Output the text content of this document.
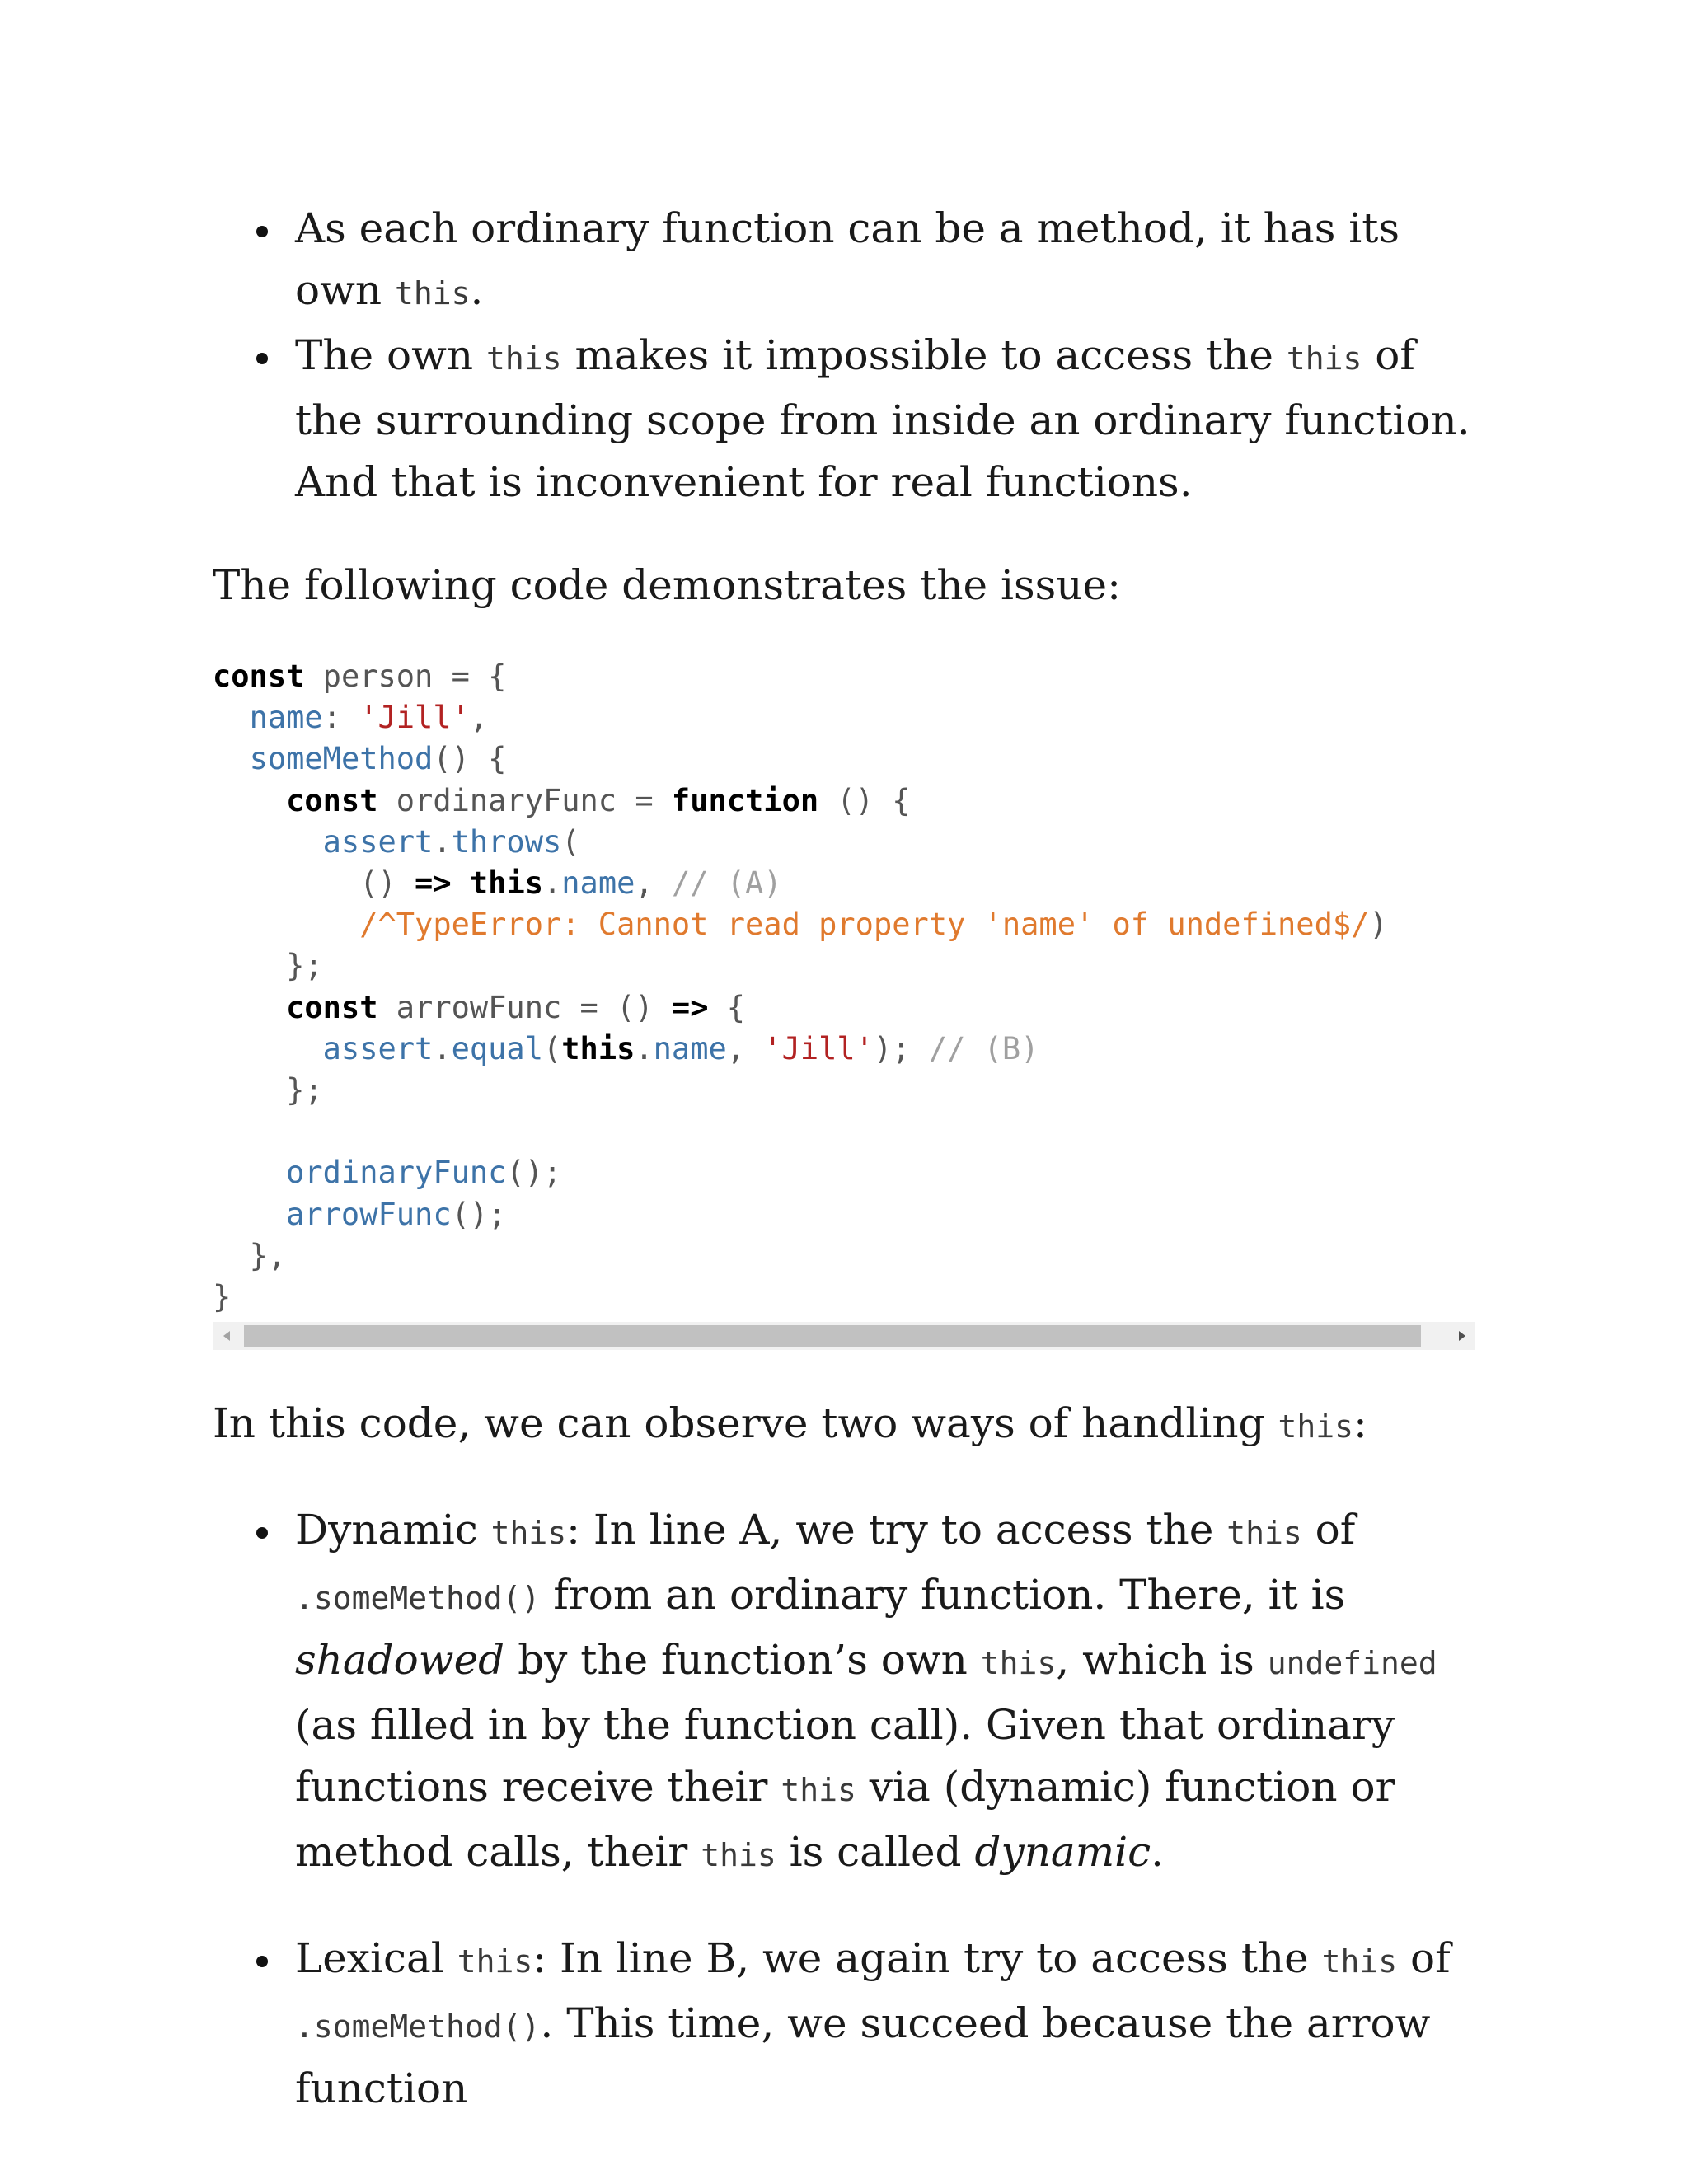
As each ordinary function can be a method, it has its own this.
The own this makes it impossible to access the this of the surrounding scope from inside an ordinary function. And that is inconvenient for real functions.

The following code demonstrates the issue:

const person = {
name: 'Jill',
someMethod() {
const ordinaryFunc = function () {
assert.throws(
() => this.name, // (A)
/^TypeError: Cannot read property 'name' of undefined$/)
};
const arrowFunc = () => {
assert.equal(this.name, 'Jill'); // (B)
};

ordinaryFunc();
arrowFunc();
},
}

In this code, we can observe two ways of handling this:

Dynamic this: In line A, we try to access the this of .someMethod() from an ordinary function. There, it is shadowed by the function’s own this, which is undefined (as filled in by the function call). Given that ordinary functions receive their this via (dynamic) function or method calls, their this is called dynamic.
Lexical this: In line B, we again try to access the this of .someMethod(). This time, we succeed because the arrow function
